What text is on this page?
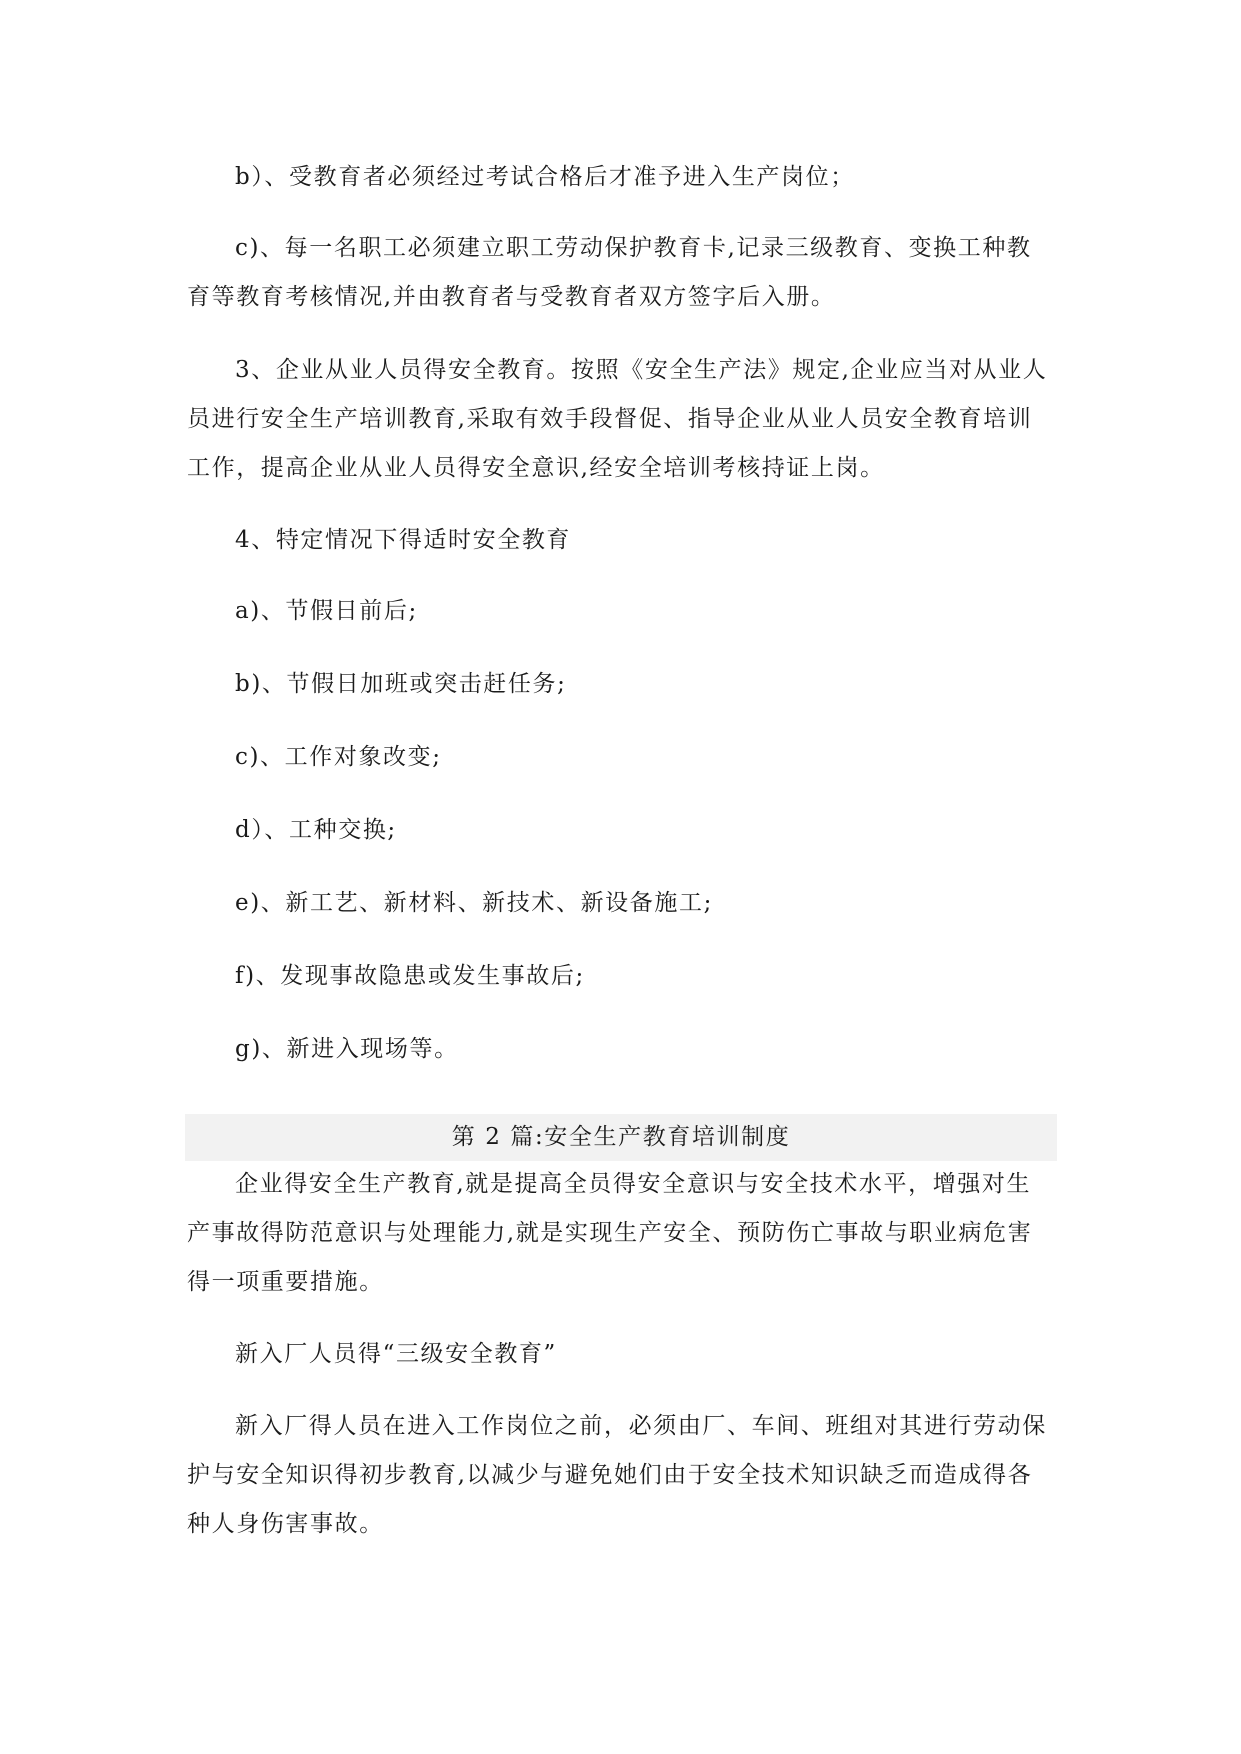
b）、受教育者必须经过考试合格后才准予进入生产岗位；

c)、每一名职工必须建立职工劳动保护教育卡,记录三级教育、变换工种教育等教育考核情况,并由教育者与受教育者双方签字后入册。

3、企业从业人员得安全教育。按照《安全生产法》规定,企业应当对从业人员进行安全生产培训教育,采取有效手段督促、指导企业从业人员安全教育培训工作，提高企业从业人员得安全意识,经安全培训考核持证上岗。

4、特定情况下得适时安全教育

a)、节假日前后;

b)、节假日加班或突击赶任务;

c)、工作对象改变;

d）、工种交换;

e)、新工艺、新材料、新技术、新设备施工;

f)、发现事故隐患或发生事故后;

g)、新进入现场等。

第 2 篇:安全生产教育培训制度

企业得安全生产教育,就是提高全员得安全意识与安全技术水平，增强对生产事故得防范意识与处理能力,就是实现生产安全、预防伤亡事故与职业病危害得一项重要措施。

新入厂人员得“三级安全教育”

新入厂得人员在进入工作岗位之前，必须由厂、车间、班组对其进行劳动保护与安全知识得初步教育,以减少与避免她们由于安全技术知识缺乏而造成得各种人身伤害事故。
